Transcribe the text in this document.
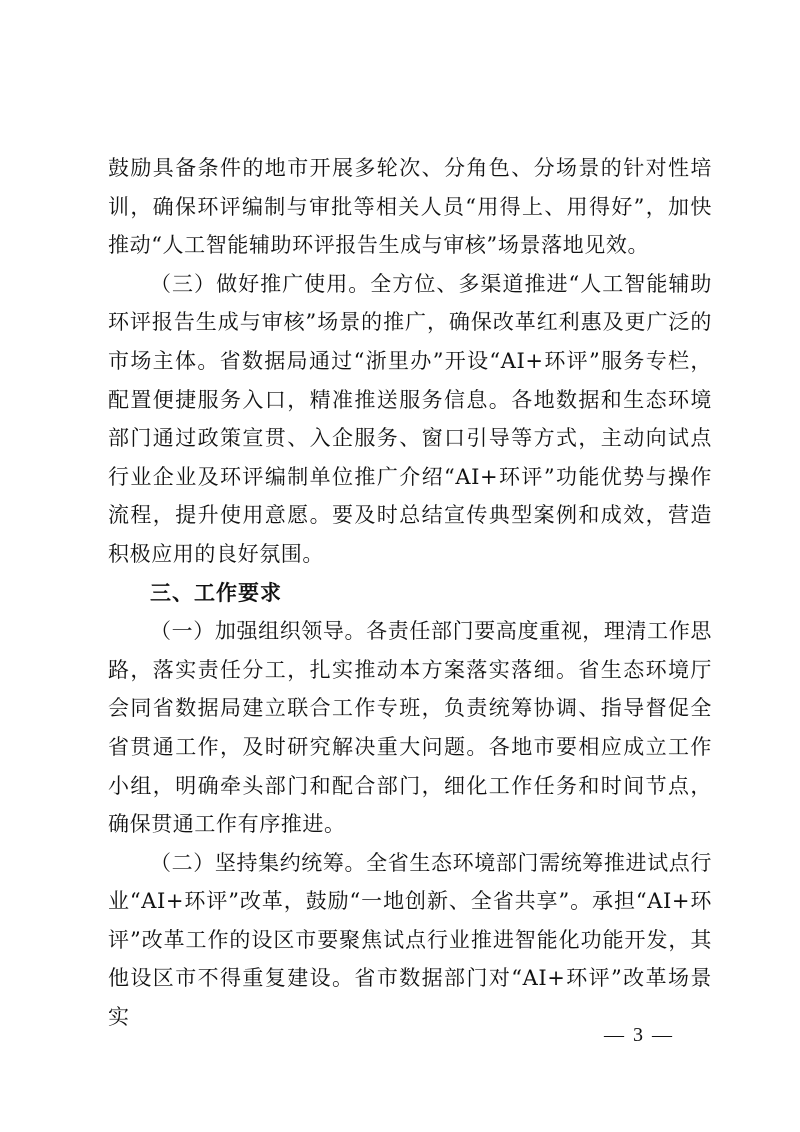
鼓励具备条件的地市开展多轮次、分角色、分场景的针对性培训，确保环评编制与审批等相关人员“用得上、用得好”，加快推动“人工智能辅助环评报告生成与审核”场景落地见效。

（三）做好推广使用。全方位、多渠道推进“人工智能辅助环评报告生成与审核”场景的推广，确保改革红利惠及更广泛的市场主体。省数据局通过“浙里办”开设“AI+环评”服务专栏，配置便捷服务入口，精准推送服务信息。各地数据和生态环境部门通过政策宣贯、入企服务、窗口引导等方式，主动向试点行业企业及环评编制单位推广介绍“AI+环评”功能优势与操作流程，提升使用意愿。要及时总结宣传典型案例和成效，营造积极应用的良好氛围。

三、工作要求

（一）加强组织领导。各责任部门要高度重视，理清工作思路，落实责任分工，扎实推动本方案落实落细。省生态环境厅会同省数据局建立联合工作专班，负责统筹协调、指导督促全省贯通工作，及时研究解决重大问题。各地市要相应成立工作小组，明确牵头部门和配合部门，细化工作任务和时间节点，确保贯通工作有序推进。

（二）坚持集约统筹。全省生态环境部门需统筹推进试点行业“AI+环评”改革，鼓励“一地创新、全省共享”。承担“AI+环评”改革工作的设区市要聚焦试点行业推进智能化功能开发，其他设区市不得重复建设。省市数据部门对“AI+环评”改革场景实

— 3 —
